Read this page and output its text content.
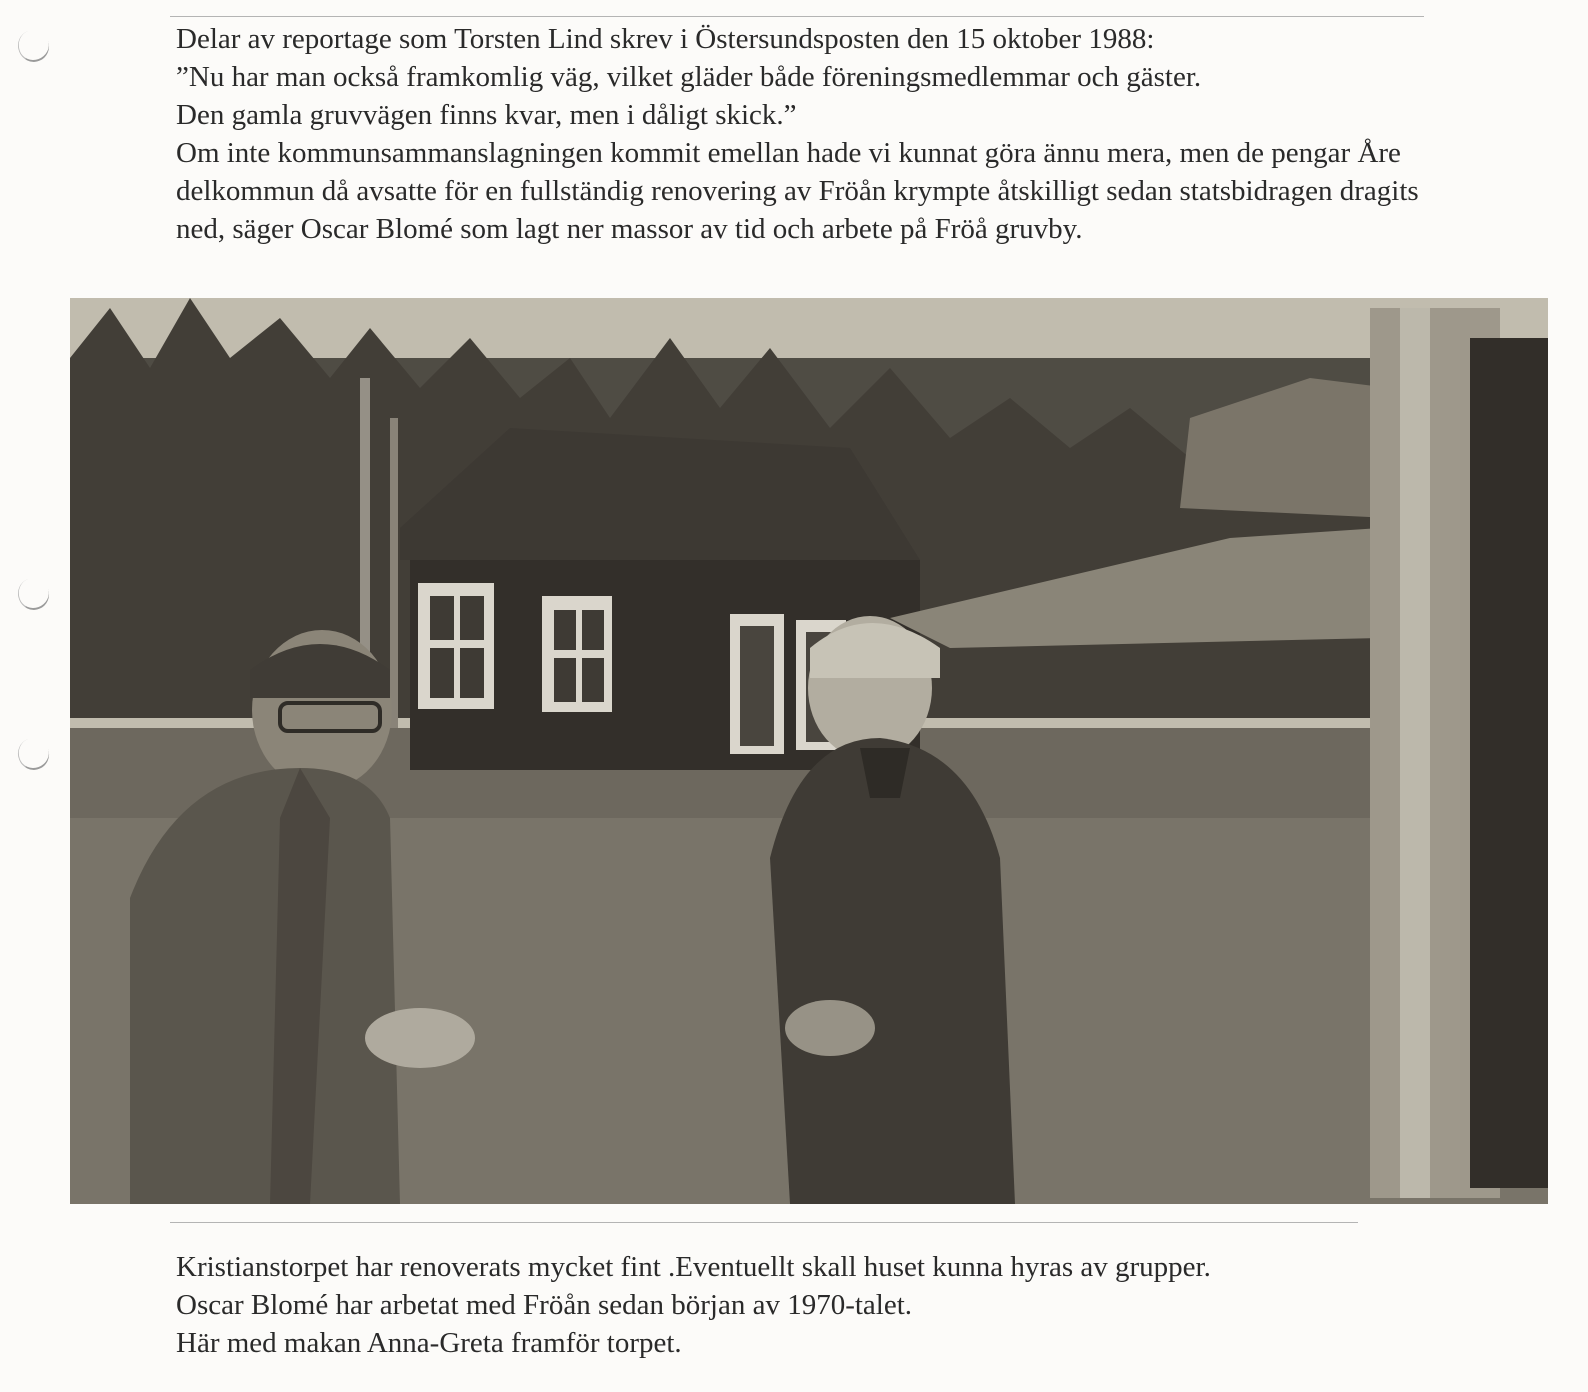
Delar av reportage som Torsten Lind skrev i Östersundsposten den 15 oktober 1988:

”Nu har man också framkomlig väg, vilket gläder både föreningsmedlemmar och gäster.

Den gamla gruvvägen finns kvar, men i dåligt skick.”

Om inte kommunsammanslagningen kommit emellan hade vi kunnat göra ännu mera, men de pengar Åre delkommun då avsatte för en fullständig renovering av Fröån krympte åtskilligt sedan statsbidragen dragits ned, säger Oscar Blomé som lagt ner massor av tid och arbete på Fröå gruvby.

Kristianstorpet har renoverats mycket fint .Eventuellt skall huset kunna hyras av grupper.

Oscar Blomé har arbetat med Fröån sedan början av 1970-talet.

Här med makan Anna-Greta framför torpet.
